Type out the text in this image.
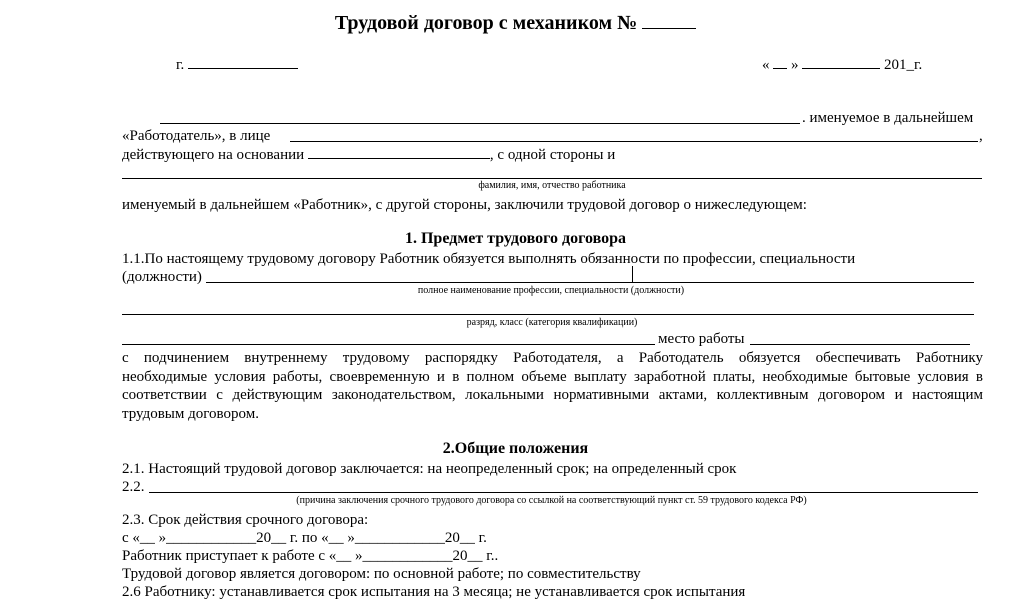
Трудовой договор с механиком №
г.	« »	201_г.
. именуемое в дальнейшем
«Работодатель», в лице	,
действующего на основании	, с одной стороны и
фамилия, имя, отчество работника
именуемый в дальнейшем «Работник», с другой стороны, заключили трудовой договор о нижеследующем:
1. Предмет трудового договора
1.1.По настоящему трудовому договору Работник обязуется выполнять обязанности по профессии, специальности
(должности)
полное наименование профессии, специальности (должности)
разряд, класс (категория квалификации)
место работы
с подчинением внутреннему трудовому распорядку Работодателя, а Работодатель обязуется обеспечивать Работнику
необходимые условия работы, своевременную и в полном объеме выплату заработной платы, необходимые бытовые условия в
соответствии с действующим законодательством, локальными нормативными актами, коллективным договором и настоящим
трудовым договором.
2.Общие положения
2.1. Настоящий трудовой договор заключается: на неопределенный срок; на определенный срок
2.2.
(причина заключения срочного трудового договора со ссылкой на соответствующий пункт ст. 59 трудового кодекса РФ)
2.3. Срок действия срочного договора:
с «__ »____________20__ г. по «__ »____________20__ г.
Работник приступает к работе с «__ »____________20__ г..
Трудовой договор является договором: по основной работе; по совместительству
2.6 Работнику: устанавливается срок испытания на 3 месяца; не устанавливается срок испытания
